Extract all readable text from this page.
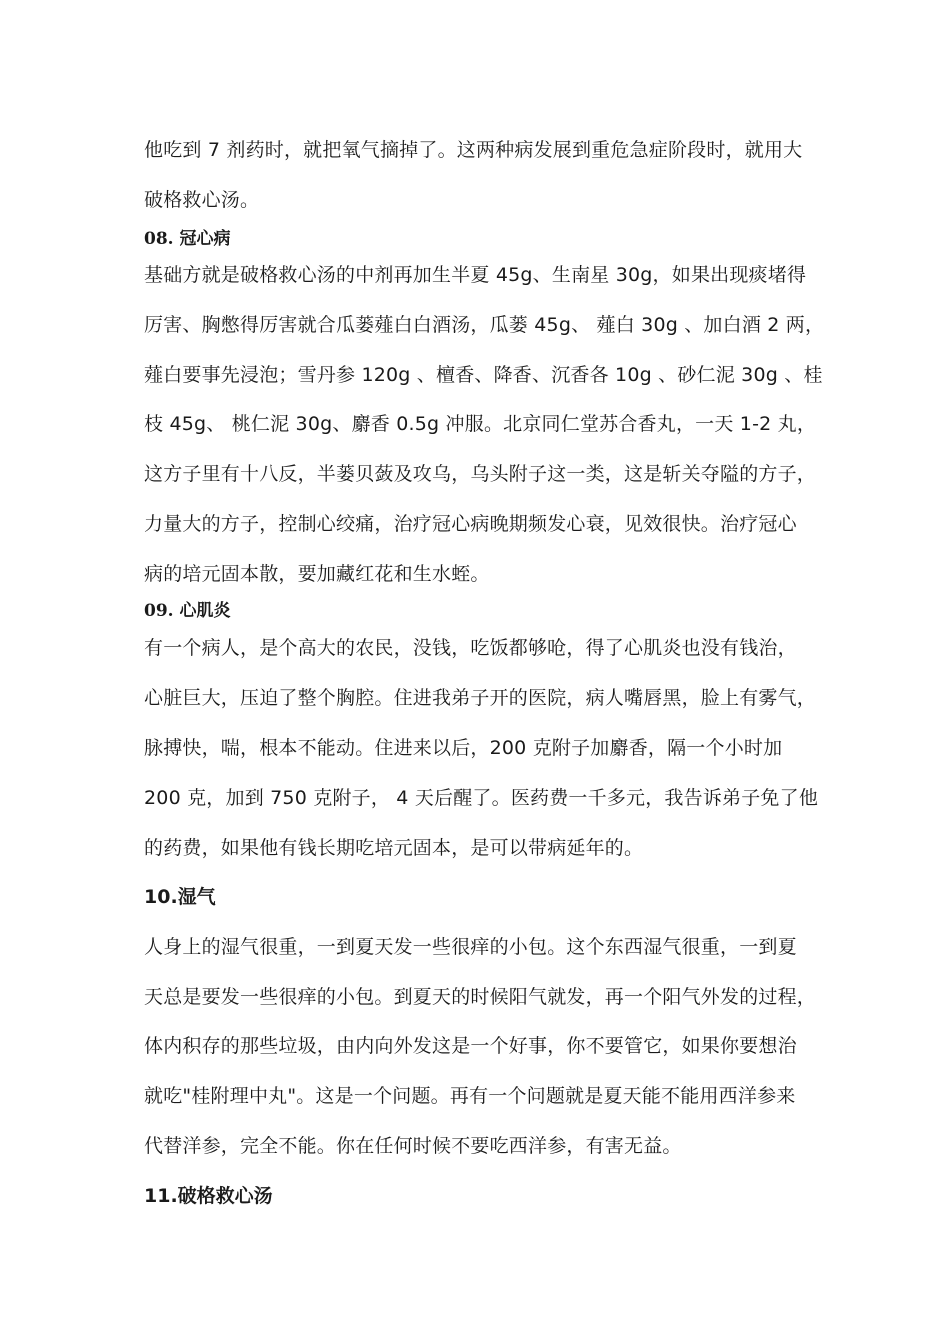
他吃到 7 剂药时，就把氧气摘掉了。这两种病发展到重危急症阶段时，就用大
破格救心汤。
08. 冠心病
基础方就是破格救心汤的中剂再加生半夏 45g、生南星 30g，如果出现痰堵得
厉害、胸憋得厉害就合瓜蒌薤白白酒汤，瓜蒌 45g、 薤白 30g 、加白酒 2 两，
薤白要事先浸泡；雪丹参 120g 、檀香、降香、沉香各 10g 、砂仁泥 30g 、桂
枝 45g、 桃仁泥 30g、麝香 0.5g 冲服。北京同仁堂苏合香丸，一天 1-2 丸，
这方子里有十八反，半蒌贝蔹及攻乌，乌头附子这一类，这是斩关夺隘的方子，
力量大的方子，控制心绞痛，治疗冠心病晚期频发心衰，见效很快。治疗冠心
病的培元固本散，要加藏红花和生水蛭。
09. 心肌炎
有一个病人，是个高大的农民，没钱，吃饭都够呛，得了心肌炎也没有钱治，
心脏巨大，压迫了整个胸腔。住进我弟子开的医院，病人嘴唇黑，脸上有雾气，
脉搏快，喘，根本不能动。住进来以后，200 克附子加麝香，隔一个小时加
200 克，加到 750 克附子， 4 天后醒了。医药费一千多元，我告诉弟子免了他
的药费，如果他有钱长期吃培元固本，是可以带病延年的。
10.湿气
人身上的湿气很重，一到夏天发一些很痒的小包。这个东西湿气很重，一到夏
天总是要发一些很痒的小包。到夏天的时候阳气就发，再一个阳气外发的过程，
体内积存的那些垃圾，由内向外发这是一个好事，你不要管它，如果你要想治
就吃"桂附理中丸"。这是一个问题。再有一个问题就是夏天能不能用西洋参来
代替洋参，完全不能。你在任何时候不要吃西洋参，有害无益。
11.破格救心汤
